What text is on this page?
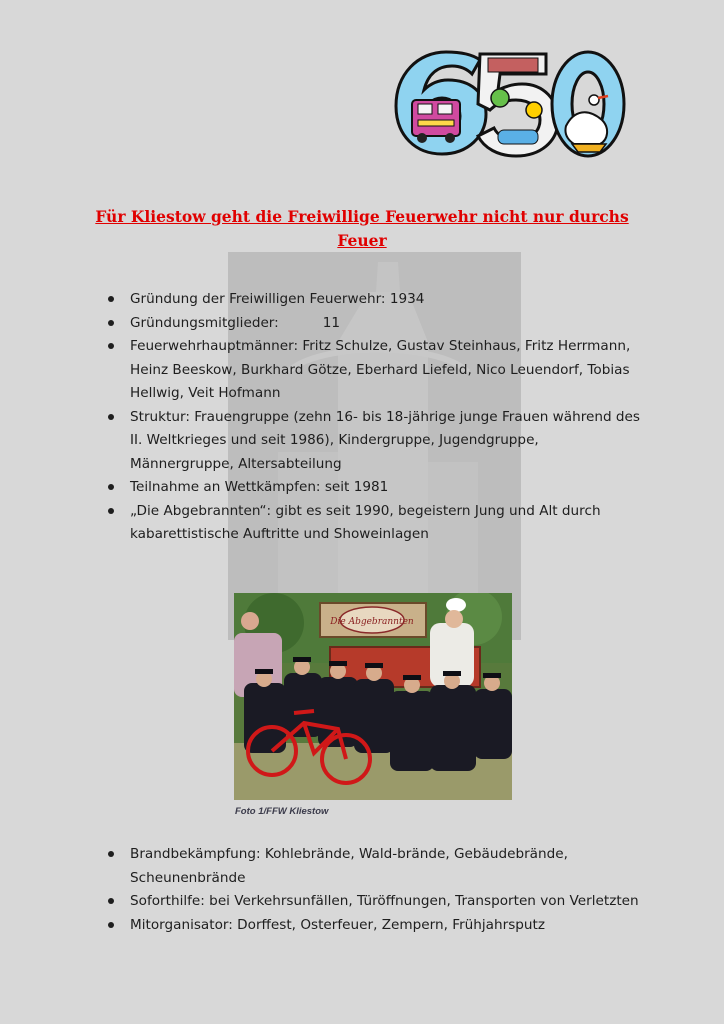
Für Kliestow geht die Freiwillige Feuerwehr nicht nur durchs Feuer
Gründung der Freiwilligen Feuerwehr: 1934
Gründungsmitglieder:	11
Feuerwehrhauptmänner: Fritz Schulze, Gustav Steinhaus, Fritz Herrmann, Heinz Beeskow, Burkhard Götze, Eberhard Liefeld, Nico Leuendorf, Tobias Hellwig, Veit Hofmann
Struktur: Frauengruppe (zehn 16- bis 18-jährige junge Frauen während des II. Weltkrieges und seit 1986), Kindergruppe, Jugendgruppe, Männergruppe, Altersabteilung
Teilnahme an Wettkämpfen: seit 1981
„Die Abgebrannten“: gibt es seit 1990, begeistern Jung und Alt durch kabarettistische Auftritte und Showeinlagen
Die Abgebrannten
Foto 1/FFW Kliestow
Brandbekämpfung: Kohlebrände, Wald-brände, Gebäudebrände, Scheunenbrände
Soforthilfe: bei Verkehrsunfällen, Türöffnungen, Transporten von Verletzten
Mitorganisator: Dorffest, Osterfeuer, Zempern, Frühjahrsputz
